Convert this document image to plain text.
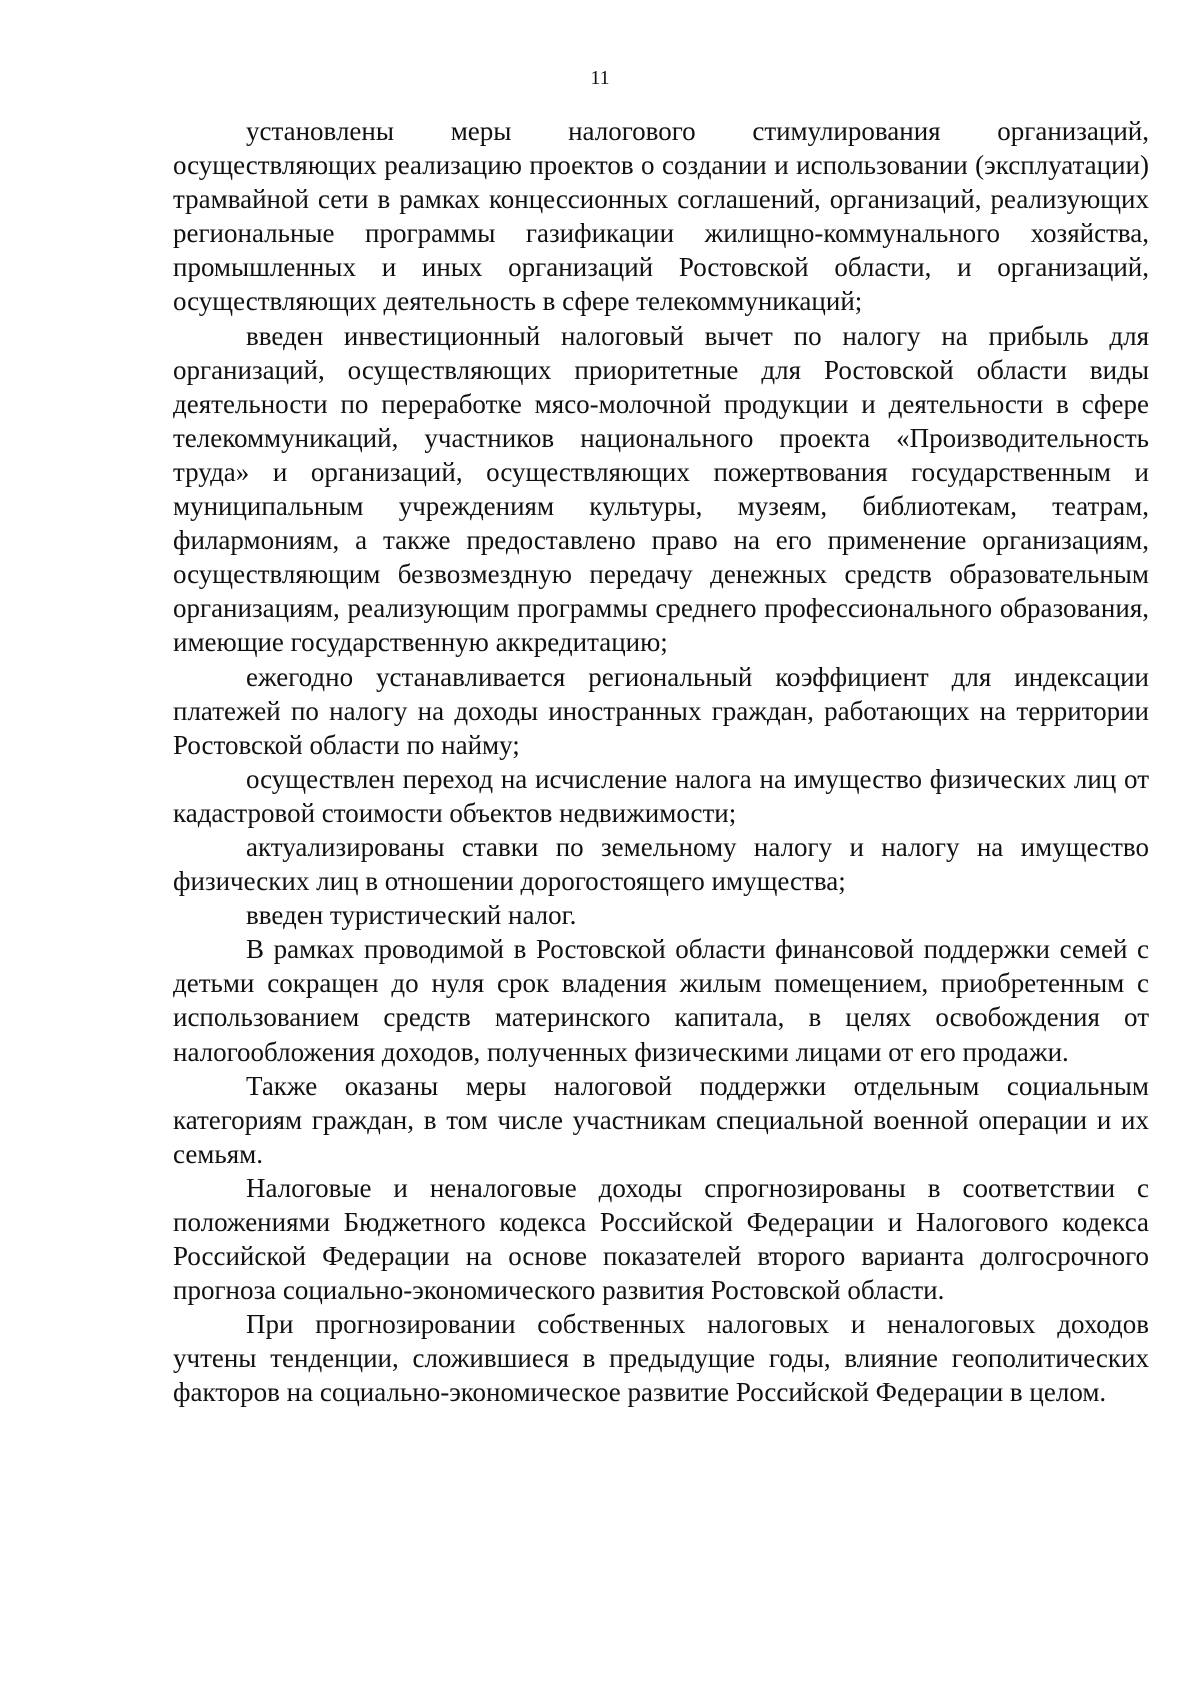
11

установлены меры налогового стимулирования организаций, осуществляющих реализацию проектов о создании и использовании (эксплуатации) трамвайной сети в рамках концессионных соглашений, организаций, реализующих региональные программы газификации жилищно-коммунального хозяйства, промышленных и иных организаций Ростовской области, и организаций, осуществляющих деятельность в сфере телекоммуникаций;

введен инвестиционный налоговый вычет по налогу на прибыль для организаций, осуществляющих приоритетные для Ростовской области виды деятельности по переработке мясо-молочной продукции и деятельности в сфере телекоммуникаций, участников национального проекта «Производительность труда» и организаций, осуществляющих пожертвования государственным и муниципальным учреждениям культуры, музеям, библиотекам, театрам, филармониям, а также предоставлено право на его применение организациям, осуществляющим безвозмездную передачу денежных средств образовательным организациям, реализующим программы среднего профессионального образования, имеющие государственную аккредитацию;

ежегодно устанавливается региональный коэффициент для индексации платежей по налогу на доходы иностранных граждан, работающих на территории Ростовской области по найму;

осуществлен переход на исчисление налога на имущество физических лиц от кадастровой стоимости объектов недвижимости;

актуализированы ставки по земельному налогу и налогу на имущество физических лиц в отношении дорогостоящего имущества;

введен туристический налог.

В рамках проводимой в Ростовской области финансовой поддержки семей с детьми сокращен до нуля срок владения жилым помещением, приобретенным с использованием средств материнского капитала, в целях освобождения от налогообложения доходов, полученных физическими лицами от его продажи.

Также оказаны меры налоговой поддержки отдельным социальным категориям граждан, в том числе участникам специальной военной операции и их семьям.

Налоговые и неналоговые доходы спрогнозированы в соответствии с положениями Бюджетного кодекса Российской Федерации и Налогового кодекса Российской Федерации на основе показателей второго варианта долгосрочного прогноза социально-экономического развития Ростовской области.

При прогнозировании собственных налоговых и неналоговых доходов учтены тенденции, сложившиеся в предыдущие годы, влияние геополитических факторов на социально-экономическое развитие Российской Федерации в целом.
